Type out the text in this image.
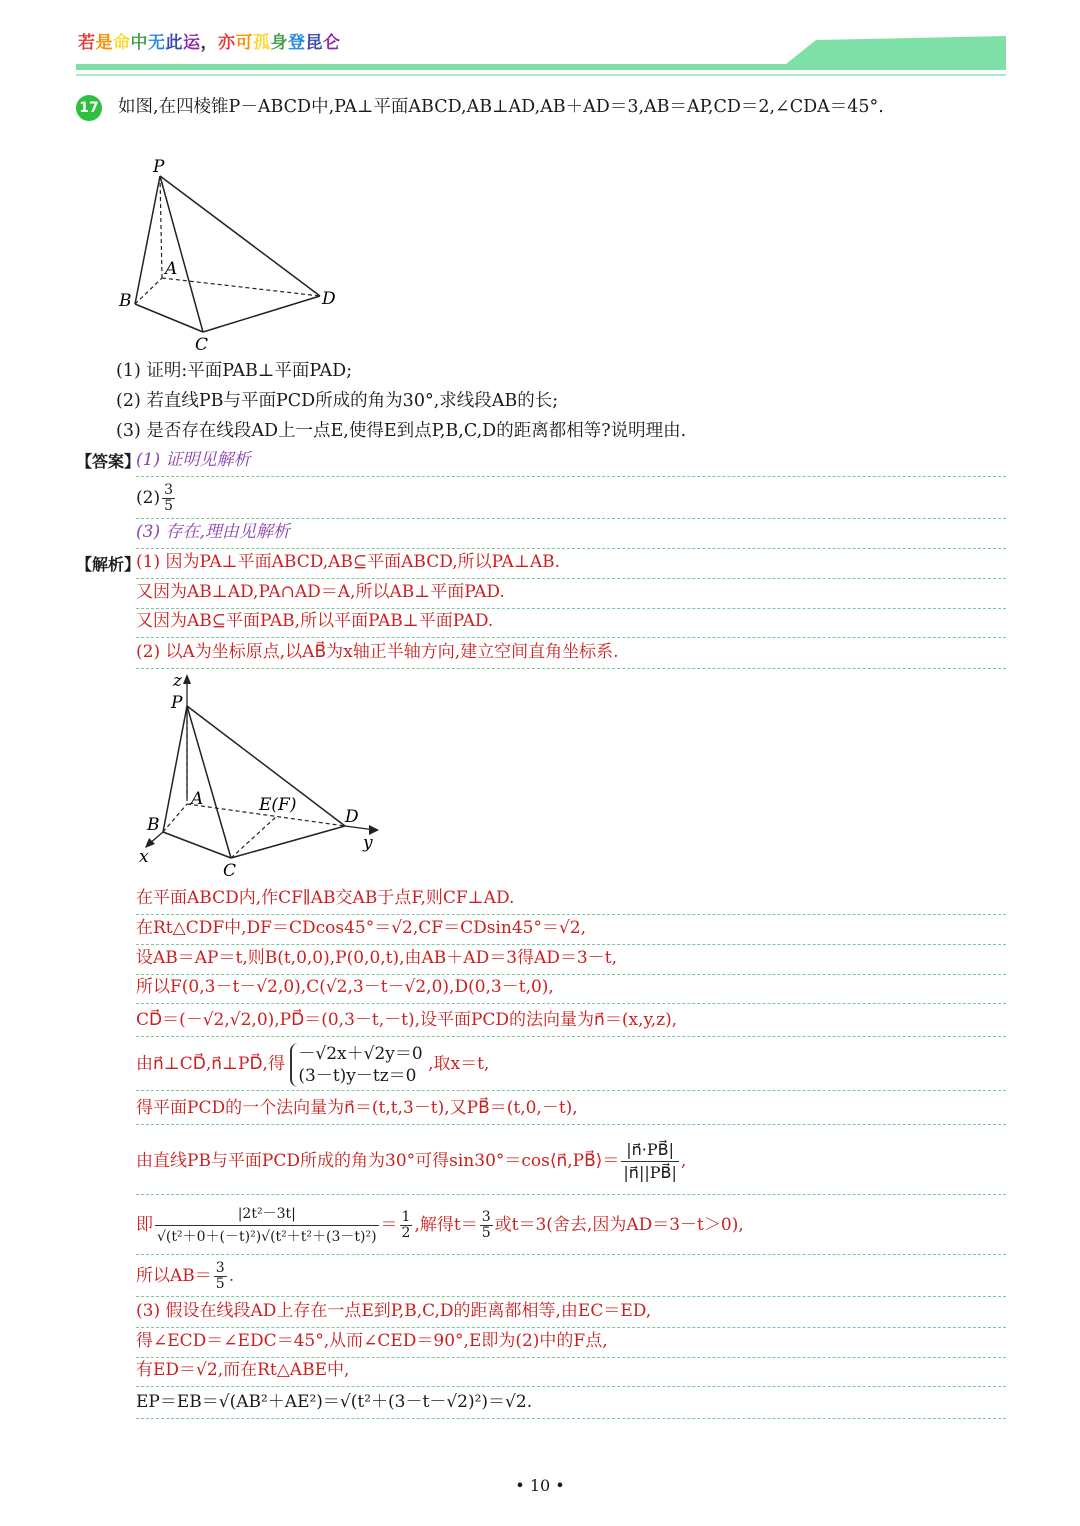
若是命中无此运，亦可孤身登昆仑
17 如图,在四棱锥P－ABCD中,PA⊥平面ABCD,AB⊥AD,AB＋AD＝3,AB＝AP,CD＝2,∠CDA＝45°.
P
A
B
C
D
(1) 证明:平面PAB⊥平面PAD;
(2) 若直线PB与平面PCD所成的角为30°,求线段AB的长;
(3) 是否存在线段AD上一点E,使得E到点P,B,C,D的距离都相等?说明理由.
【答案】
(1) 证明见解析
$(2) \frac{3}{5}$
(3) 存在,理由见解析
【解析】
(1) 因为PA⊥平面ABCD,AB⊆平面ABCD,所以PA⊥AB.
又因为AB⊥AD,PA∩AD＝A,所以AB⊥平面PAD.
又因为AB⊆平面PAB,所以平面PAB⊥平面PAD.
(2) 以A为坐标原点,以AB⃗为x轴正半轴方向,建立空间直角坐标系.
z
P
A	E(F)
B	D
x
y
C
在平面ABCD内,作CF∥AB交AB于点F,则CF⊥AD.
在Rt△CDF中,DF＝CDcos45°＝√2,CF＝CDsin45°＝√2,
设AB＝AP＝t,则B(t,0,0),P(0,0,t),由AB＋AD＝3得AD＝3－t,
所以F(0,3－t－√2,0),C(√2,3－t－√2,0),D(0,3－t,0),
CD⃗＝(－√2,√2,0),PD⃗＝(0,3－t,－t),设平面PCD的法向量为n⃗＝(x,y,z),
由n⃗⊥CD⃗,n⃗⊥PD⃗,得
－√2x＋√2y＝0
(3－t)y－tz＝0
,取x＝t,
得平面PCD的一个法向量为n⃗＝(t,t,3－t),又PB⃗＝(t,0,－t),
由直线PB与平面PCD所成的角为30°可得sin30°＝cos⟨n⃗,PB⃗⟩＝ $\frac{|n⃗\cdot PB⃗|}{|n⃗||PB⃗|}$ ,
即 $\frac{\text{|2t²－3t|}}{\text{√(t²＋0＋(－t)²)√(t²＋t²＋(3－t)²)}} = \frac{1}{2}$ ,解得$t= \frac{3}{5}$ 或t＝3(舍去,因为AD＝3－t＞0),
所以$AB= \frac{3}{5}$ .
(3) 假设在线段AD上存在一点E到P,B,C,D的距离都相等,由EC＝ED,
得∠ECD＝∠EDC＝45°,从而∠CED＝90°,E即为(2)中的F点,
有ED＝√2,而在Rt△ABE中,
EP＝EB＝√(AB²＋AE²)＝√(t²＋(3－t－√2)²)＝√2.
• 10 •
